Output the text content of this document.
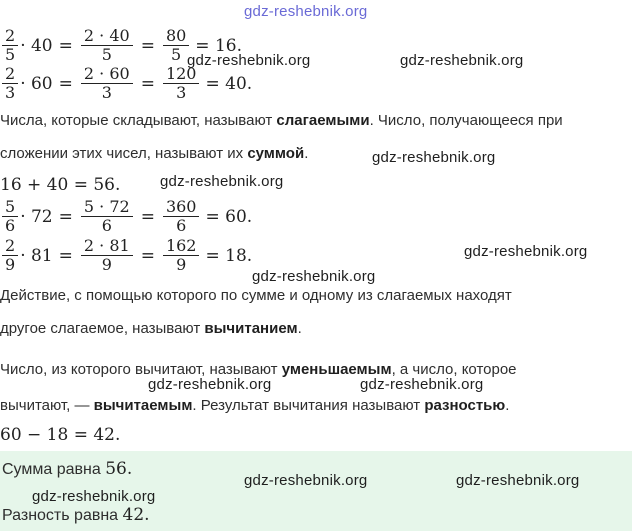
gdz-reshebnik.org
$\frac{2}{5} \cdot 40 = \frac{2 \cdot 40}{5} = \frac{80}{5} = 16$.
$\frac{2}{3} \cdot 60 = \frac{2 \cdot 60}{3} = \frac{120}{3} = 40$.
gdz-reshebnik.org	gdz-reshebnik.org
Числа, которые складывают, называют слагаемыми. Число, получающееся при
сложении этих чисел, называют их суммой.	gdz-reshebnik.org
16 + 40 = 56.	gdz-reshebnik.org
$\frac{5}{6} \cdot 72 = \frac{5 \cdot 72}{6} = \frac{360}{6} = 60$.
$\frac{2}{9} \cdot 81 = \frac{2 \cdot 81}{9} = \frac{162}{9} = 18$.	gdz-reshebnik.org
gdz-reshebnik.org
Действие, с помощью которого по сумме и одному из слагаемых находят
другое слагаемое, называют вычитанием.
Число, из которого вычитают, называют уменьшаемым, а число, которое
gdz-reshebnik.org	gdz-reshebnik.org
вычитают, — вычитаемым. Результат вычитания называют разностью.
60 − 18 = 42.
Сумма равна 56.
gdz-reshebnik.org	gdz-reshebnik.org
gdz-reshebnik.org
Разность равна 42.
